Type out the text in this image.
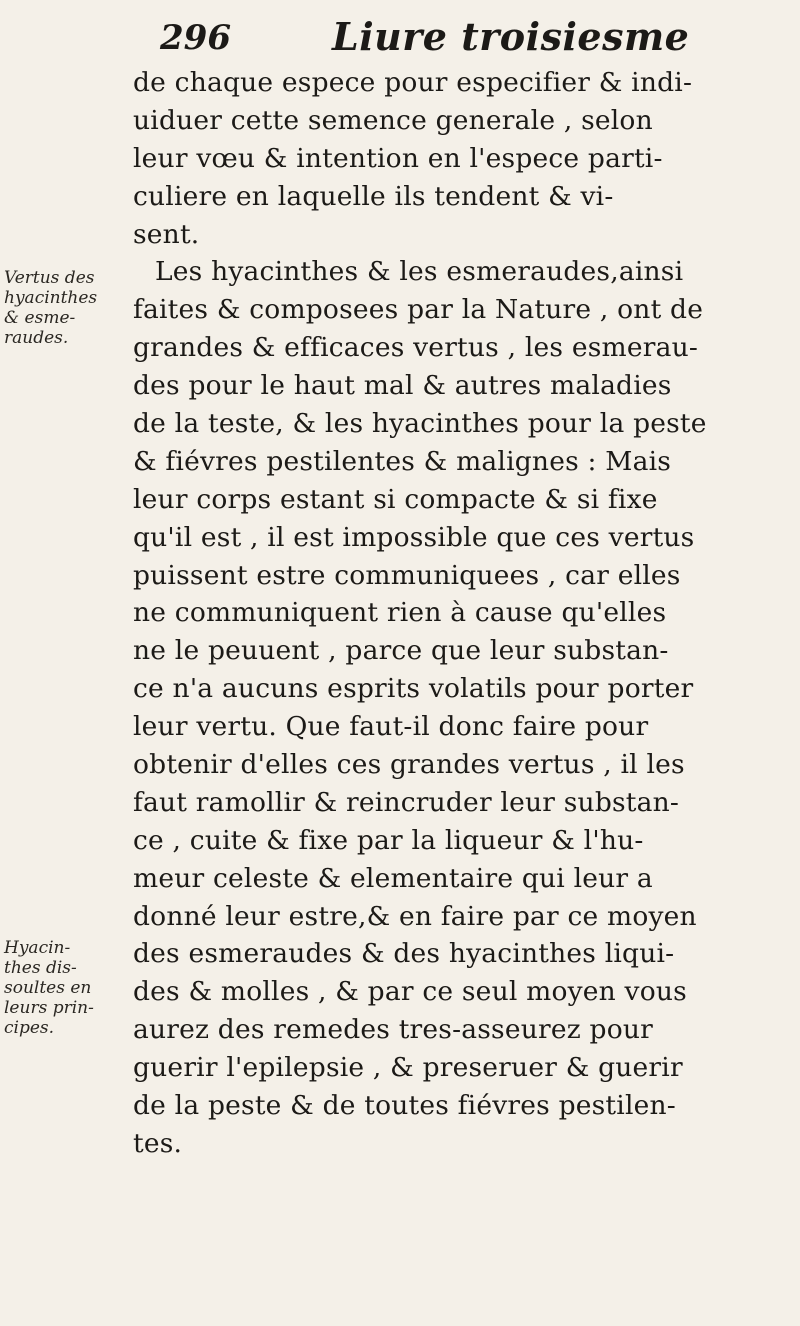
296	Liure troisiesme
Vertus des
hyacinthes
& esme-
raudes.
Hyacin-
thes dis-
soultes en
leurs prin-
cipes.
de chaque espece pour especifier & indi-
uiduer cette semence generale , selon
leur vœu & intention en l'espece parti-
culiere en laquelle ils tendent & vi-
sent.
Les hyacinthes & les esmeraudes,ainsi
faites & composees par la Nature , ont de
grandes & efficaces vertus , les esmerau-
des pour le haut mal & autres maladies
de la teste, & les hyacinthes pour la peste
& fiévres pestilentes & malignes : Mais
leur corps estant si compacte & si fixe
qu'il est , il est impossible que ces vertus
puissent estre communiquees , car elles
ne communiquent rien à cause qu'elles
ne le peuuent , parce que leur substan-
ce n'a aucuns esprits volatils pour porter
leur vertu. Que faut-il donc faire pour
obtenir d'elles ces grandes vertus , il les
faut ramollir & reincruder leur substan-
ce , cuite & fixe par la liqueur & l'hu-
meur celeste & elementaire qui leur a
donné leur estre,& en faire par ce moyen
des esmeraudes & des hyacinthes liqui-
des & molles , & par ce seul moyen vous
aurez des remedes tres-asseurez pour
guerir l'epilepsie , & preseruer & guerir
de la peste & de toutes fiévres pestilen-
tes.
